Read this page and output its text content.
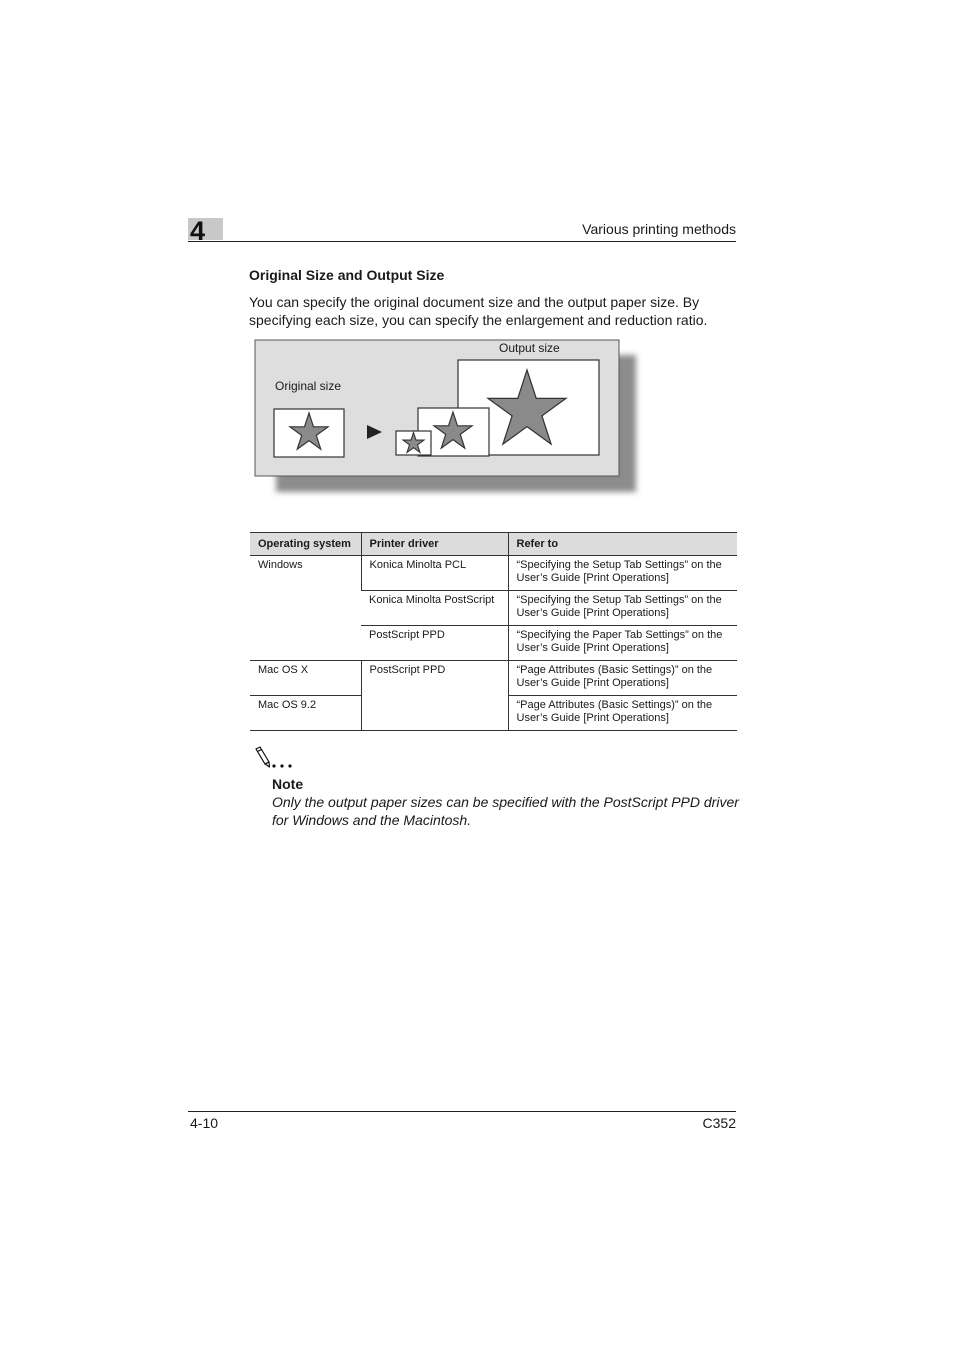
4	Various printing methods
Original Size and Output Size

You can specify the original document size and the output paper size. By specifying each size, you can specify the enlargement and reduction ratio.

Output size
Original size
Operating system	Printer driver	Refer to
Windows	Konica Minolta PCL	“Specifying the Setup Tab Settings” on the User’s Guide [Print Operations]
	Konica Minolta PostScript	“Specifying the Setup Tab Settings” on the User’s Guide [Print Operations]
	PostScript PPD	“Specifying the Paper Tab Settings” on the User’s Guide [Print Operations]
Mac OS X	PostScript PPD	“Page Attributes (Basic Settings)” on the User’s Guide [Print Operations]
Mac OS 9.2		“Page Attributes (Basic Settings)” on the User’s Guide [Print Operations]
Note

Only the output paper sizes can be specified with the PostScript PPD driver for Windows and the Macintosh.

4-10	C352
